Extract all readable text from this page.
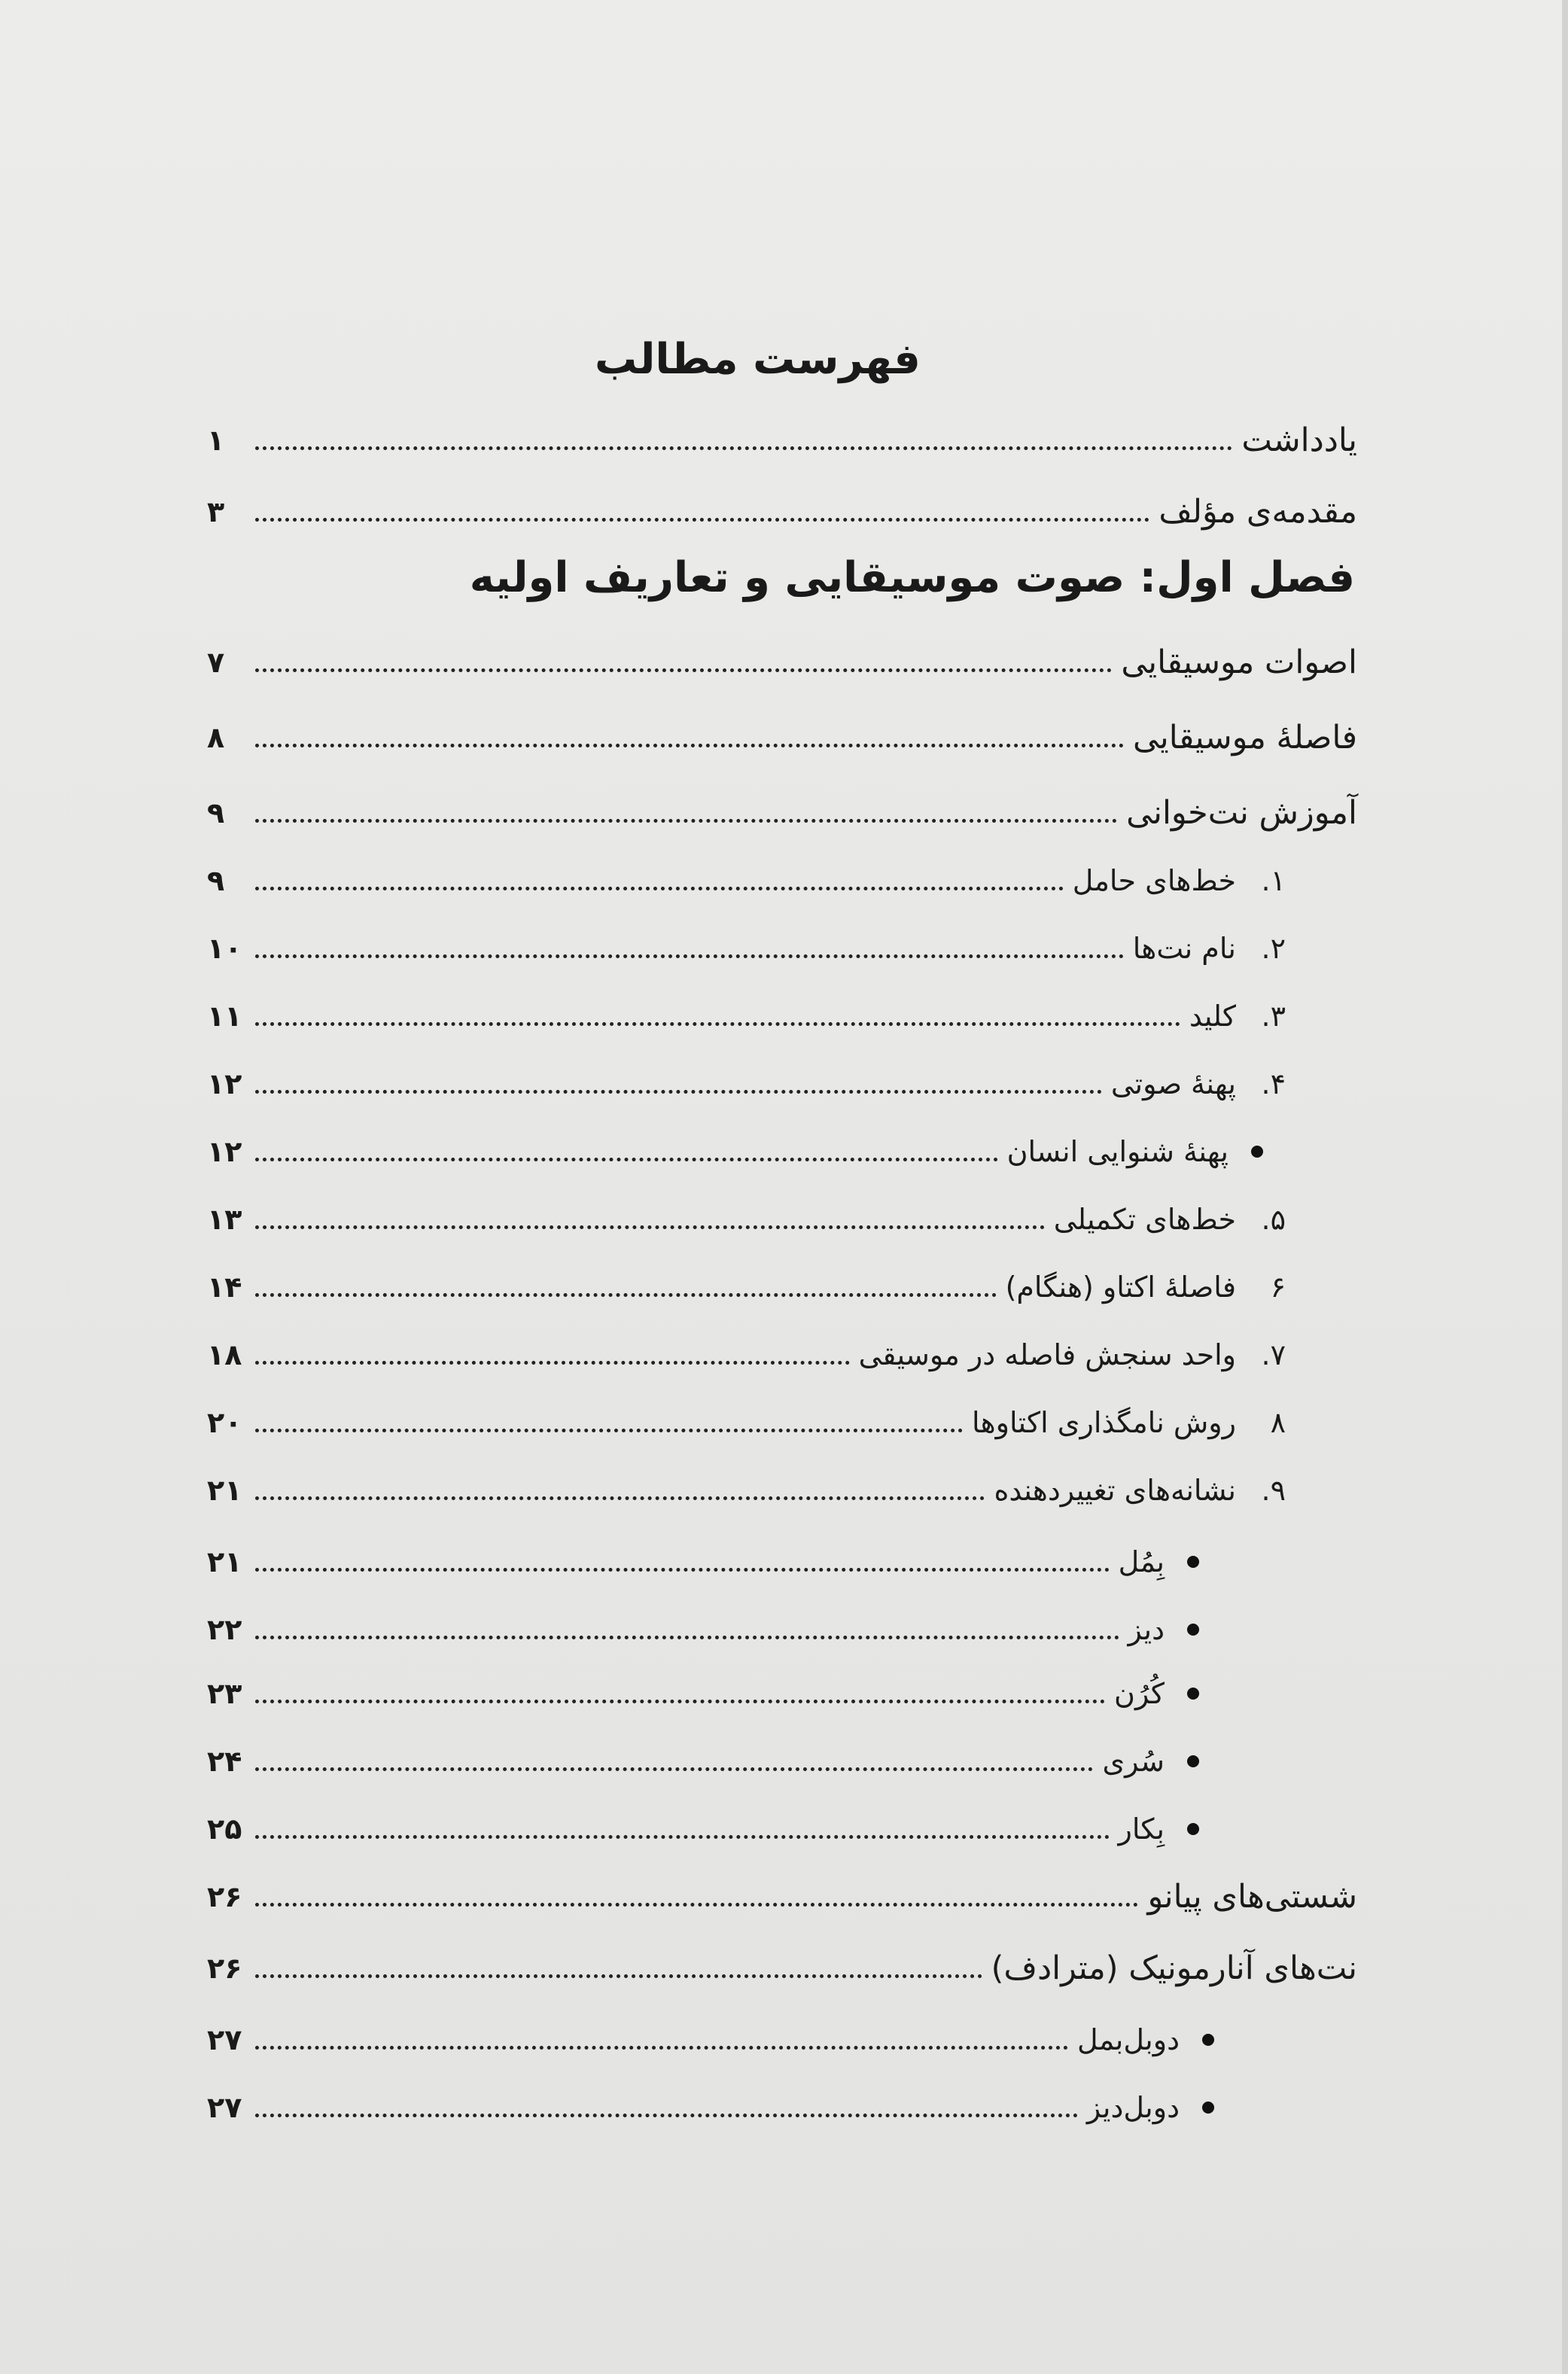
فهرست مطالب
یادداشت
۱
مقدمه‌ی مؤلف
۳
فصل اول: صوت موسیقایی و تعاریف اولیه
اصوات موسیقایی
۷
فاصلهٔ موسیقایی
۸
آموزش نت‌خوانی
۹
۱.
خط‌های حامل
۹
۲.
نام نت‌ها
۱۰
۳.
کلید
۱۱
۴.
پهنهٔ صوتی
۱۲
پهنهٔ شنوایی انسان
۱۲
۵.
خط‌های تکمیلی
۱۳
۶
فاصلهٔ اکتاو (هنگام)
۱۴
۷.
واحد سنجش فاصله در موسیقی
۱۸
۸
روش نامگذاری اکتاوها
۲۰
۹.
نشانه‌های تغییردهنده
۲۱
بِمُل
۲۱
دیز
۲۲
کُرُن
۲۳
سُری
۲۴
بِکار
۲۵
شستی‌های پیانو
۲۶
نت‌های آنارمونیک (مترادف)
۲۶
دوبل‌بمل
۲۷
دوبل‌دیز
۲۷
